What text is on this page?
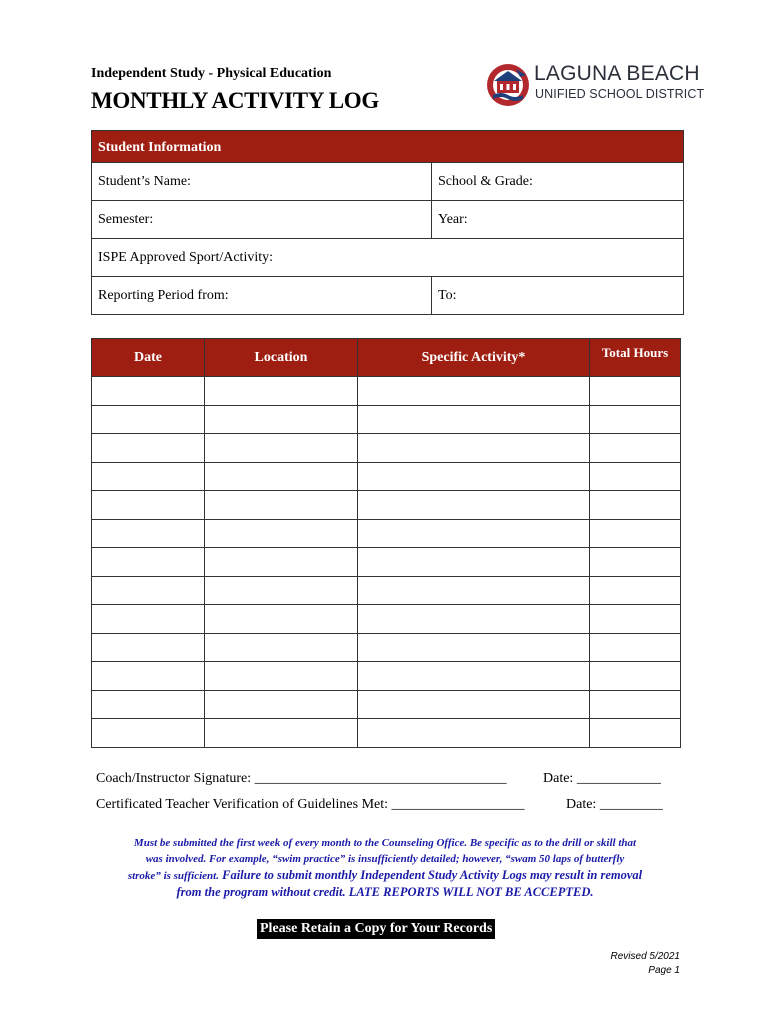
Independent Study - Physical Education
MONTHLY ACTIVITY LOG
LAGUNA BEACH
UNIFIED SCHOOL DISTRICT
Student Information
Student’s Name:	School & Grade:
Semester:	Year:
ISPE Approved Sport/Activity:
Reporting Period from:	To:
Date	Location	Specific Activity*	Total Hours

Coach/Instructor Signature: ____________________________________	Date: ____________
Certificated Teacher Verification of Guidelines Met: ___________________	Date: _________
Must be submitted the first week of every month to the Counseling Office. Be specific as to the drill or skill that
was involved. For example, “swim practice” is insufficiently detailed; however, “swam 50 laps of butterfly
stroke” is sufficient. Failure to submit monthly Independent Study Activity Logs may result in removal
from the program without credit. LATE REPORTS WILL NOT BE ACCEPTED.
Please Retain a Copy for Your Records
Revised 5/2021
Page 1
